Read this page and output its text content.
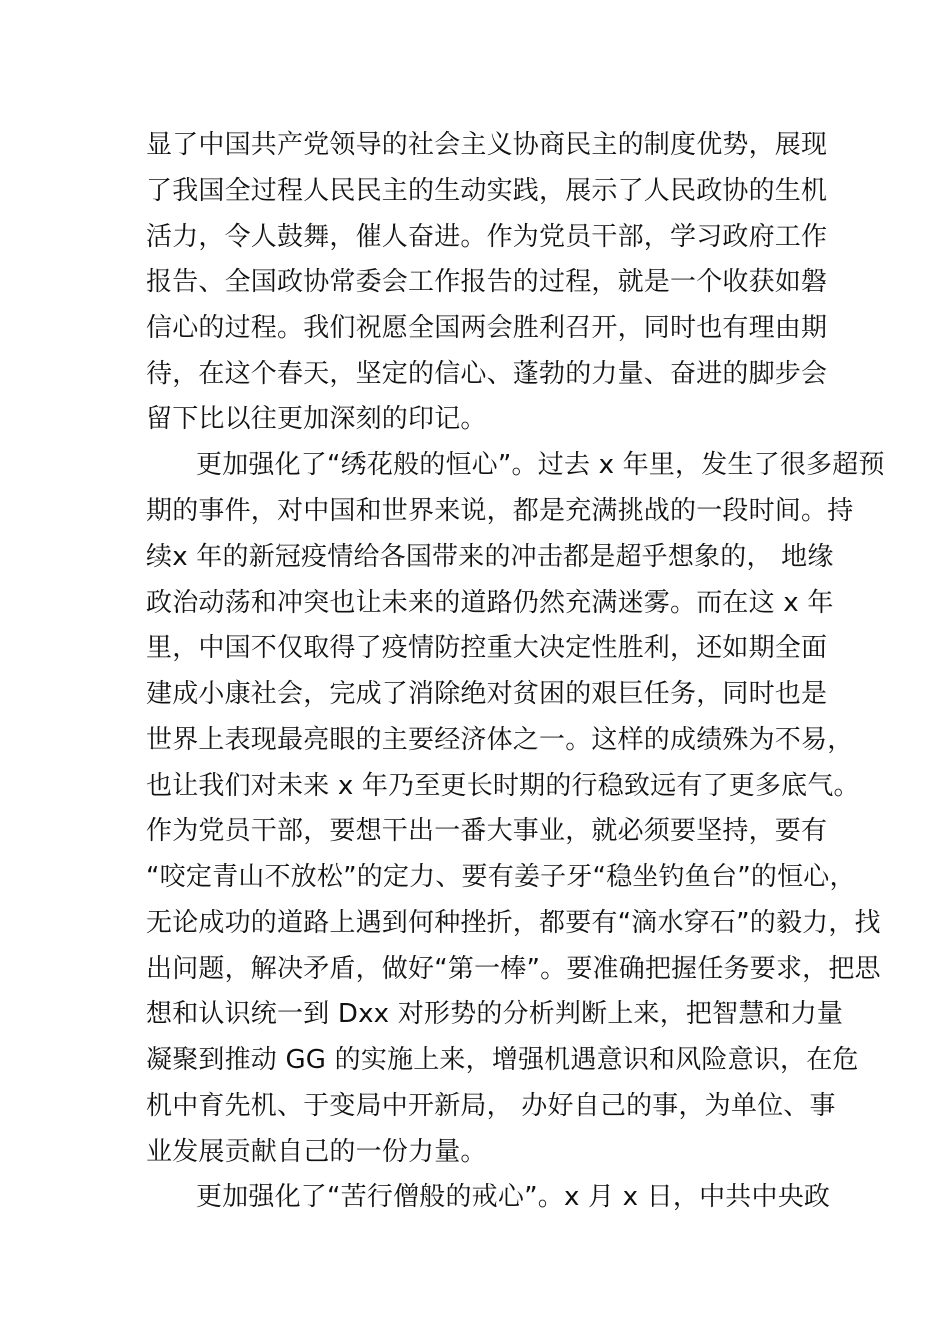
显了中国共产党领导的社会主义协商民主的制度优势，展现
了我国全过程人民民主的生动实践，展示了人民政协的生机
活力，令人鼓舞，催人奋进。作为党员干部，学习政府工作
报告、全国政协常委会工作报告的过程，就是一个收获如磐
信心的过程。我们祝愿全国两会胜利召开，同时也有理由期
待，在这个春天，坚定的信心、蓬勃的力量、奋进的脚步会
留下比以往更加深刻的印记。
更加强化了“绣花般的恒心”。过去 x 年里，发生了很多超预
期的事件，对中国和世界来说，都是充满挑战的一段时间。持
续x 年的新冠疫情给各国带来的冲击都是超乎想象的， 地缘
政治动荡和冲突也让未来的道路仍然充满迷雾。而在这 x 年
里，中国不仅取得了疫情防控重大决定性胜利，还如期全面
建成小康社会，完成了消除绝对贫困的艰巨任务，同时也是
世界上表现最亮眼的主要经济体之一。这样的成绩殊为不易，
也让我们对未来 x 年乃至更长时期的行稳致远有了更多底气。
作为党员干部，要想干出一番大事业，就必须要坚持，要有
“咬定青山不放松”的定力、要有姜子牙“稳坐钓鱼台”的恒心，
无论成功的道路上遇到何种挫折，都要有“滴水穿石”的毅力，找
出问题，解决矛盾，做好“第一棒”。要准确把握任务要求，把思
想和认识统一到 Dxx 对形势的分析判断上来，把智慧和力量
凝聚到推动 GG 的实施上来，增强机遇意识和风险意识，在危
机中育先机、于变局中开新局， 办好自己的事，为单位、事
业发展贡献自己的一份力量。
更加强化了“苦行僧般的戒心”。x 月 x 日，中共中央政
